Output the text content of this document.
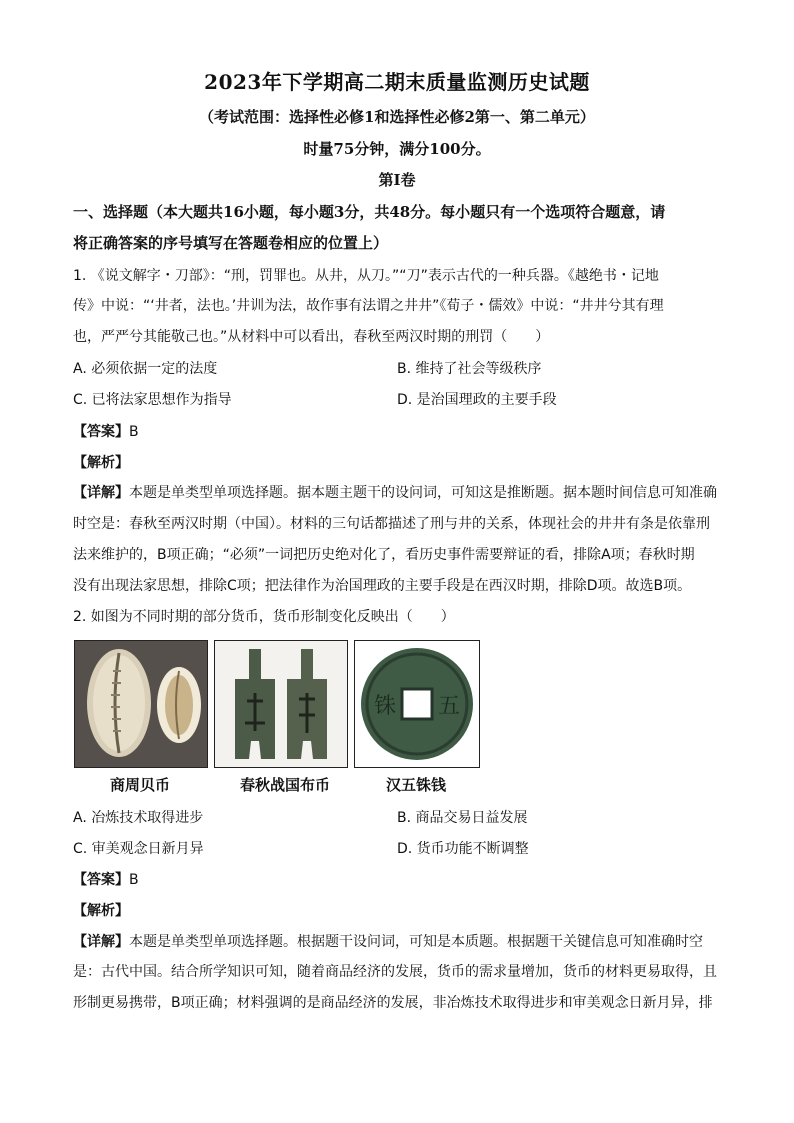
2023年下学期高二期末质量监测历史试题
（考试范围：选择性必修1和选择性必修2第一、第二单元）
时量75分钟，满分100分。
第Ⅰ卷
一、选择题（本大题共16小题，每小题3分，共48分。每小题只有一个选项符合题意，请
将正确答案的序号填写在答题卷相应的位置上）
1. 《说文解字・刀部》：“刑，罚罪也。从井，从刀。”“刀”表示古代的一种兵器。《越绝书・记地
传》中说：“‘井者，法也。’井训为法，故作事有法谓之井井”《荀子・儒效》中说：“井井兮其有理
也，严严兮其能敬己也。”从材料中可以看出，春秋至两汉时期的刑罚（　　）
A. 必须依据一定的法度	B. 维持了社会等级秩序
C. 已将法家思想作为指导	D. 是治国理政的主要手段
【答案】B
【解析】
【详解】本题是单类型单项选择题。据本题主题干的设问词，可知这是推断题。据本题时间信息可知准确
时空是：春秋至两汉时期（中国）。材料的三句话都描述了刑与井的关系，体现社会的井井有条是依靠刑
法来维护的，B项正确；“必须”一词把历史绝对化了，看历史事件需要辩证的看，排除A项；春秋时期
没有出现法家思想，排除C项；把法律作为治国理政的主要手段是在西汉时期，排除D项。故选B项。
2. 如图为不同时期的部分货币，货币形制变化反映出（　　）
五
铢
商周贝币	春秋战国布币	汉五铢钱
A. 冶炼技术取得进步	B. 商品交易日益发展
C. 审美观念日新月异	D. 货币功能不断调整
【答案】B
【解析】
【详解】本题是单类型单项选择题。根据题干设问词，可知是本质题。根据题干关键信息可知准确时空
是：古代中国。结合所学知识可知，随着商品经济的发展，货币的需求量增加，货币的材料更易取得，且
形制更易携带，B项正确；材料强调的是商品经济的发展，非冶炼技术取得进步和审美观念日新月异，排
